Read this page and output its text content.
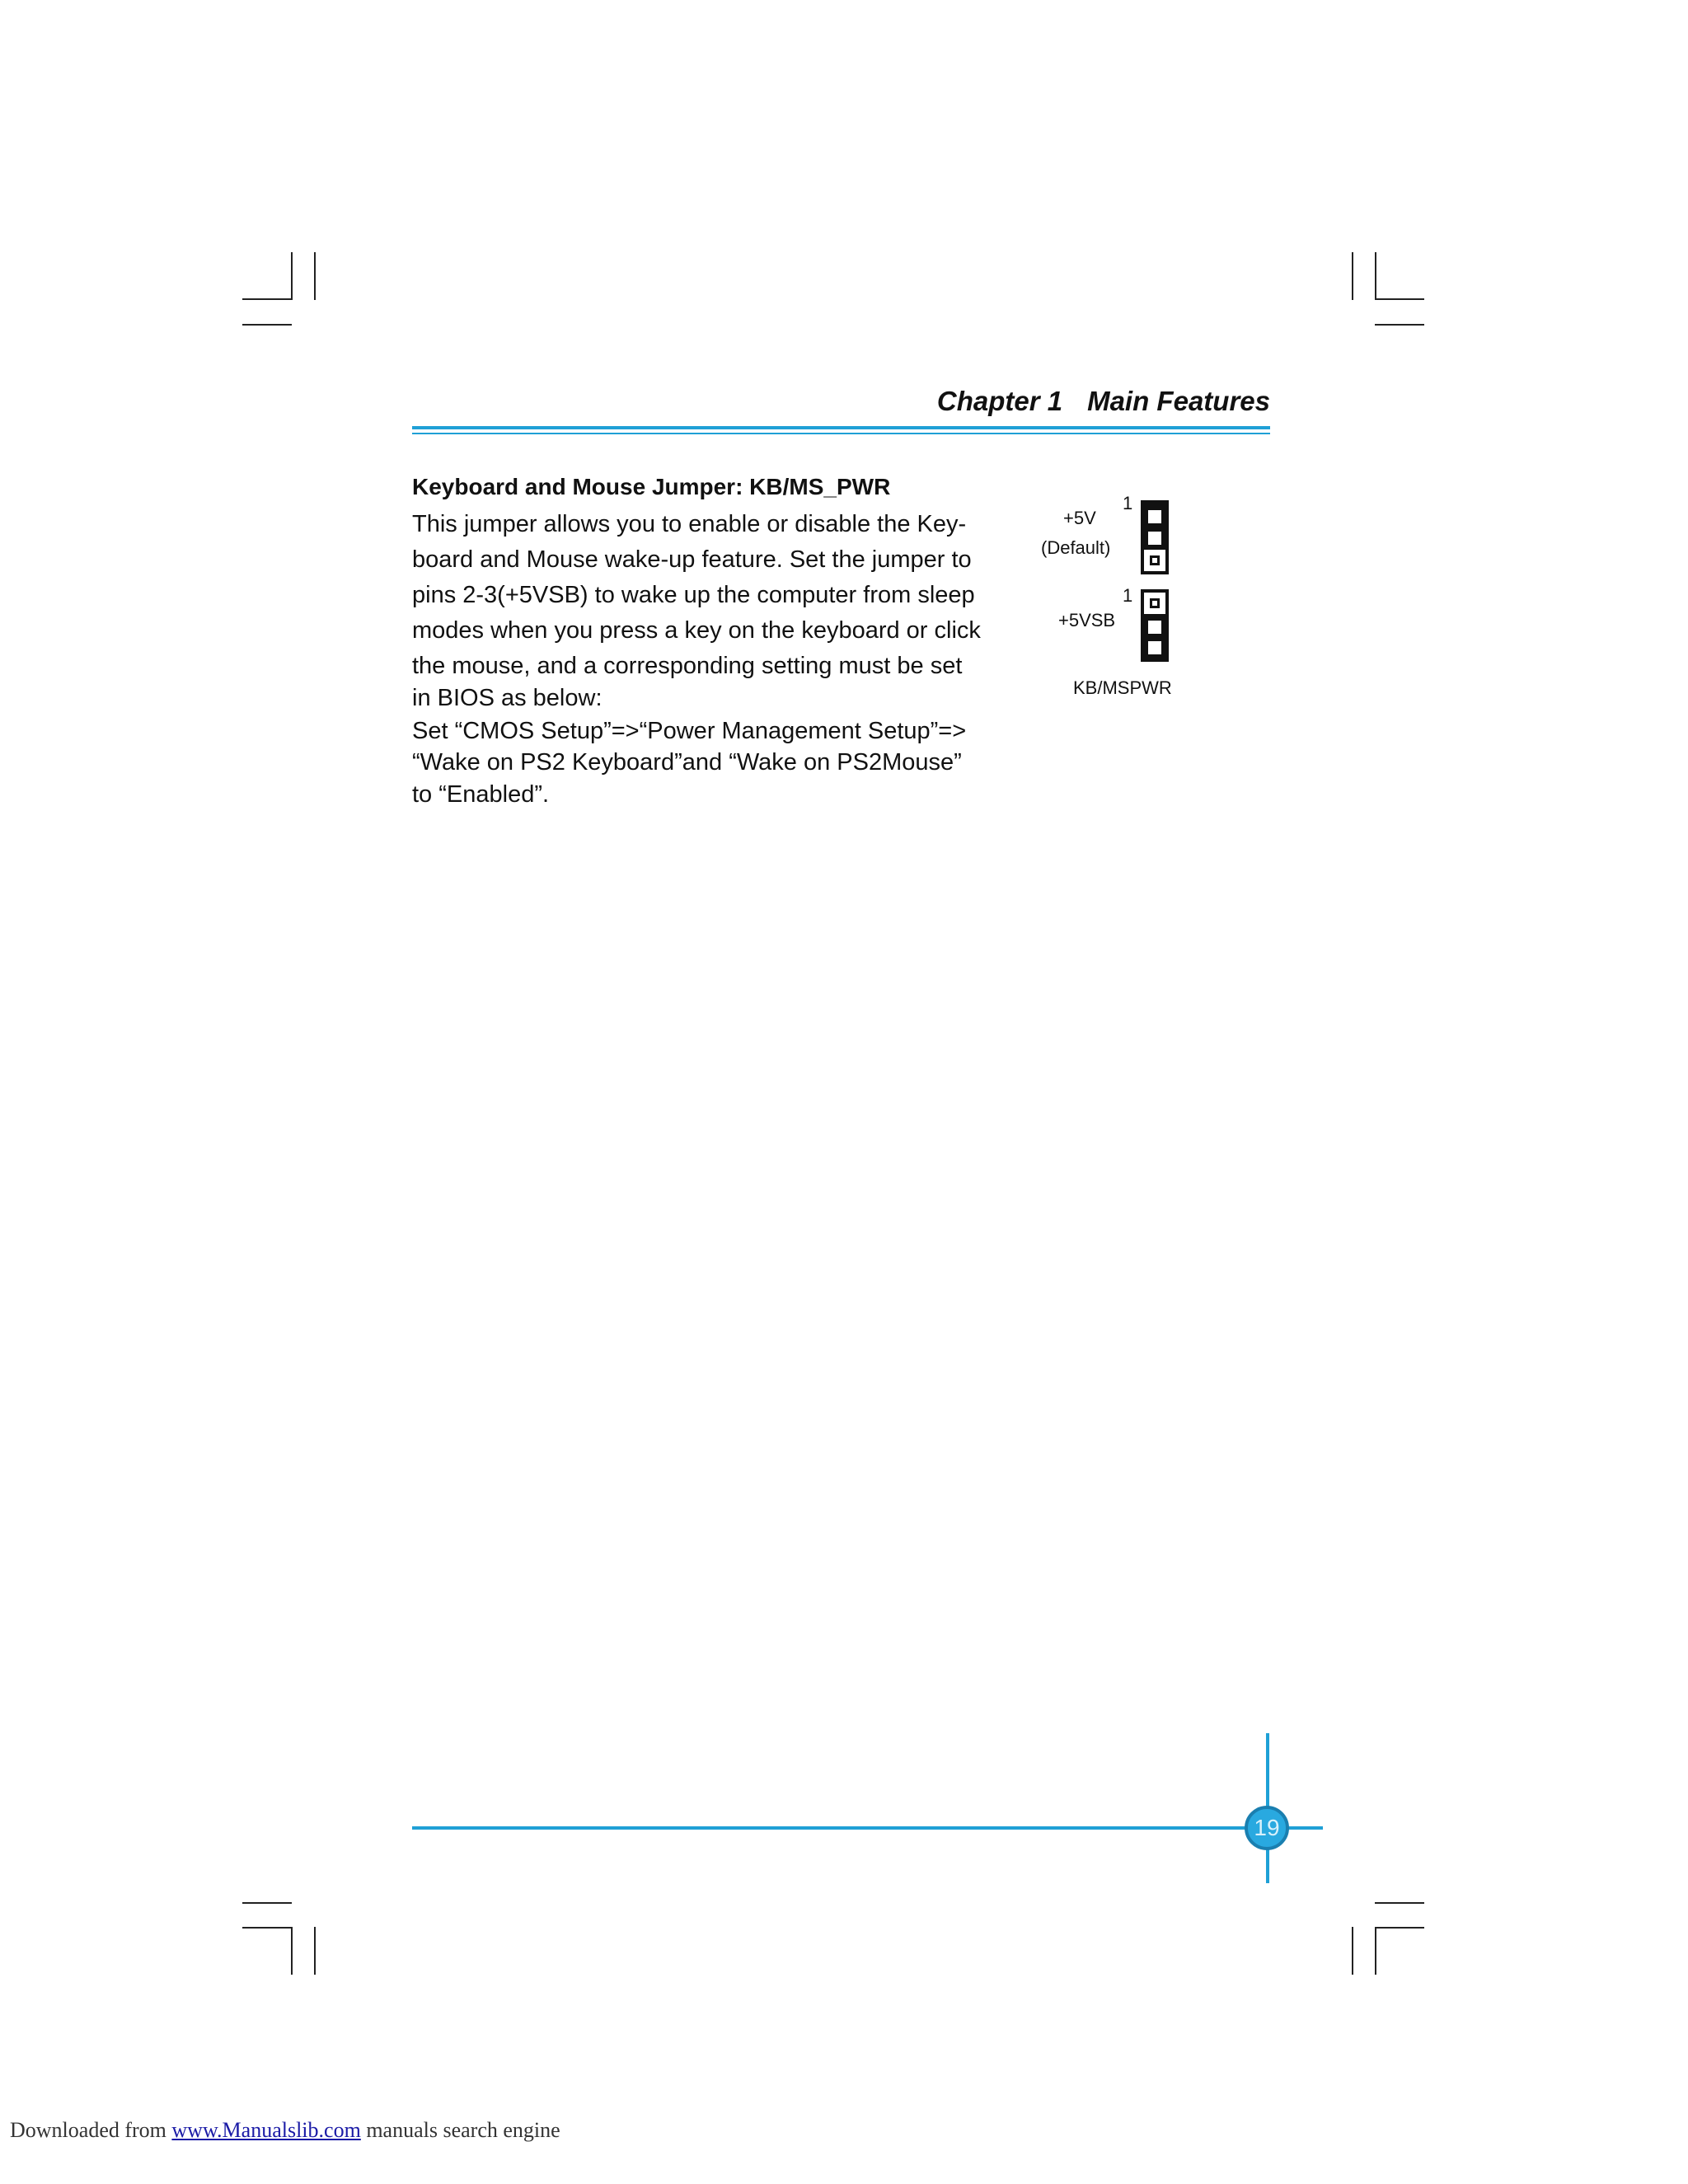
Chapter 1 Main Features
Keyboard and Mouse Jumper: KB/MS_PWR
This jumper allows you to enable or disable the Key-
board and Mouse wake-up feature. Set the jumper to
pins 2-3(+5VSB) to wake up the computer from sleep
modes when you press a key on the keyboard or click
the mouse, and a corresponding setting must be set
in BIOS as below:
Set “CMOS Setup”=>“Power Management Setup”=>
“Wake on PS2 Keyboard”and “Wake on PS2Mouse”
to “Enabled”.
1
+5V
(Default)
1
+5VSB
KB/MSPWR
19
Downloaded from www.Manualslib.com manuals search engine
